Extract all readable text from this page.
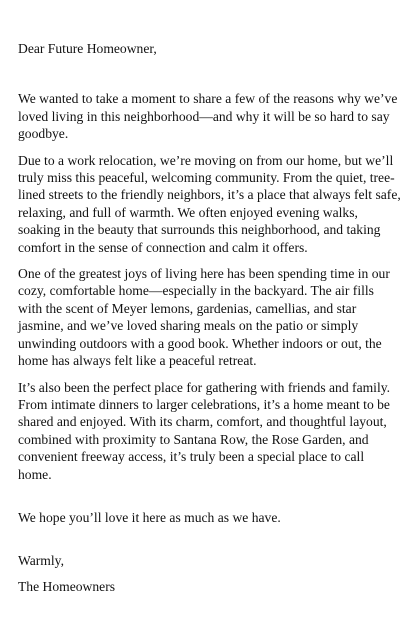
Dear Future Homeowner,

We wanted to take a moment to share a few of the reasons why we’ve loved living in this neighborhood—and why it will be so hard to say goodbye.

Due to a work relocation, we’re moving on from our home, but we’ll truly miss this peaceful, welcoming community. From the quiet, tree-lined streets to the friendly neighbors, it’s a place that always felt safe, relaxing, and full of warmth. We often enjoyed evening walks, soaking in the beauty that surrounds this neighborhood, and taking comfort in the sense of connection and calm it offers.

One of the greatest joys of living here has been spending time in our cozy, comfortable home—especially in the backyard. The air fills with the scent of Meyer lemons, gardenias, camellias, and star jasmine, and we’ve loved sharing meals on the patio or simply unwinding outdoors with a good book. Whether indoors or out, the home has always felt like a peaceful retreat.

It’s also been the perfect place for gathering with friends and family. From intimate dinners to larger celebrations, it’s a home meant to be shared and enjoyed. With its charm, comfort, and thoughtful layout, combined with proximity to Santana Row, the Rose Garden, and convenient freeway access, it’s truly been a special place to call home.

We hope you’ll love it here as much as we have.

Warmly,

The Homeowners
